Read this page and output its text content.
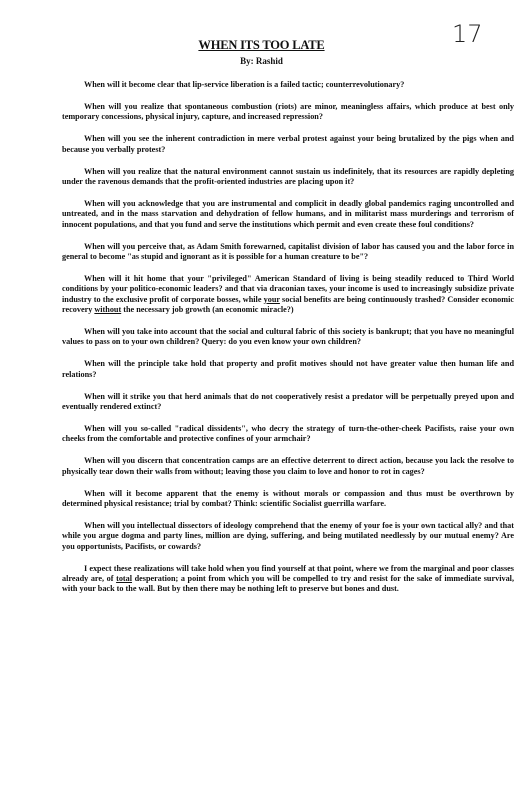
17
WHEN ITS TOO LATE
By: Rashid

When will it become clear that lip-service liberation is a failed tactic; counterrevolutionary?

When will you realize that spontaneous combustion (riots) are minor, meaningless affairs, which produce at best only temporary concessions, physical injury, capture, and increased repression?

When will you see the inherent contradiction in mere verbal protest against your being brutalized by the pigs when and because you verbally protest?

When will you realize that the natural environment cannot sustain us indefinitely, that its resources are rapidly depleting under the ravenous demands that the profit-oriented industries are placing upon it?

When will you acknowledge that you are instrumental and complicit in deadly global pandemics raging uncontrolled and untreated, and in the mass starvation and dehydration of fellow humans, and in militarist mass murderings and terrorism of innocent populations, and that you fund and serve the institutions which permit and even create these foul conditions?

When will you perceive that, as Adam Smith forewarned, capitalist division of labor has caused you and the labor force in general to become "as stupid and ignorant as it is possible for a human creature to be"?

When will it hit home that your "privileged" American Standard of living is being steadily reduced to Third World conditions by your politico-economic leaders? and that via draconian taxes, your income is used to increasingly subsidize private industry to the exclusive profit of corporate bosses, while your social benefits are being continuously trashed? Consider economic recovery without the necessary job growth (an economic miracle?)

When will you take into account that the social and cultural fabric of this society is bankrupt; that you have no meaningful values to pass on to your own children? Query: do you even know your own children?

When will the principle take hold that property and profit motives should not have greater value then human life and relations?

When will it strike you that herd animals that do not cooperatively resist a predator will be perpetually preyed upon and eventually rendered extinct?

When will you so-called "radical dissidents", who decry the strategy of turn-the-other-cheek Pacifists, raise your own cheeks from the comfortable and protective confines of your armchair?

When will you discern that concentration camps are an effective deterrent to direct action, because you lack the resolve to physically tear down their walls from without; leaving those you claim to love and honor to rot in cages?

When will it become apparent that the enemy is without morals or compassion and thus must be overthrown by determined physical resistance; trial by combat? Think: scientific Socialist guerrilla warfare.

When will you intellectual dissectors of ideology comprehend that the enemy of your foe is your own tactical ally? and that while you argue dogma and party lines, million are dying, suffering, and being mutilated needlessly by our mutual enemy? Are you opportunists, Pacifists, or cowards?

I expect these realizations will take hold when you find yourself at that point, where we from the marginal and poor classes already are, of total desperation; a point from which you will be compelled to try and resist for the sake of immediate survival, with your back to the wall. But by then there may be nothing left to preserve but bones and dust.
